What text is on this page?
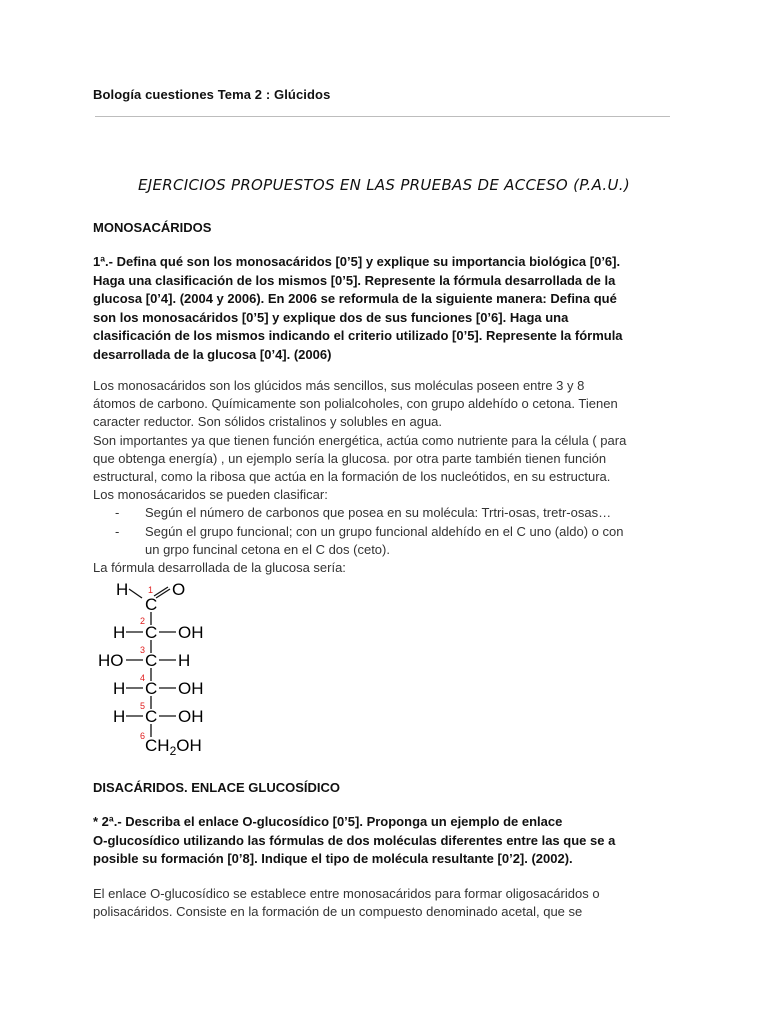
Bología cuestiones Tema 2 : Glúcidos
EJERCICIOS PROPUESTOS EN LAS PRUEBAS DE ACCESO (P.A.U.)
MONOSACÁRIDOS
1ª.- Defina qué son los monosacáridos [0’5] y explique su importancia biológica [0’6].
Haga una clasificación de los mismos [0’5]. Represente la fórmula desarrollada de la
glucosa [0’4]. (2004 y 2006). En 2006 se reformula de la siguiente manera: Defina qué
son los monosacáridos [0’5] y explique dos de sus funciones [0’6]. Haga una
clasificación de los mismos indicando el criterio utilizado [0’5]. Represente la fórmula
desarrollada de la glucosa [0’4]. (2006)
Los monosacáridos son los glúcidos más sencillos, sus moléculas poseen entre 3 y 8
átomos de carbono. Químicamente son polialcoholes, con grupo aldehído o cetona. Tienen
caracter reductor. Son sólidos cristalinos y solubles en agua.
Son importantes ya que tienen función energética, actúa como nutriente para la célula ( para
que obtenga energía) , un ejemplo sería la glucosa. por otra parte también tienen función
estructural, como la ribosa que actúa en la formación de los nucleótidos, en su estructura.
Los monosácaridos se pueden clasificar:
- Según el número de carbonos que posea en su molécula: Trtri-osas, tretr-osas…
- Según el grupo funcional; con un grupo funcional aldehído en el C uno (aldo) o con
un grpo funcinal cetona en el C dos (ceto).
La fórmula desarrollada de la glucosa sería:
H	O
C
1
H C OH
2
HO C H
3
H C OH
4
H C OH
5
$CH_2OH$
6
DISACÁRIDOS. ENLACE GLUCOSÍDICO
* 2ª.- Describa el enlace O-glucosídico [0’5]. Proponga un ejemplo de enlace
O-glucosídico utilizando las fórmulas de dos moléculas diferentes entre las que se a
posible su formación [0’8]. Indique el tipo de molécula resultante [0’2]. (2002).
El enlace O-glucosídico se establece entre monosacáridos para formar oligosacáridos o
polisacáridos. Consiste en la formación de un compuesto denominado acetal, que se
